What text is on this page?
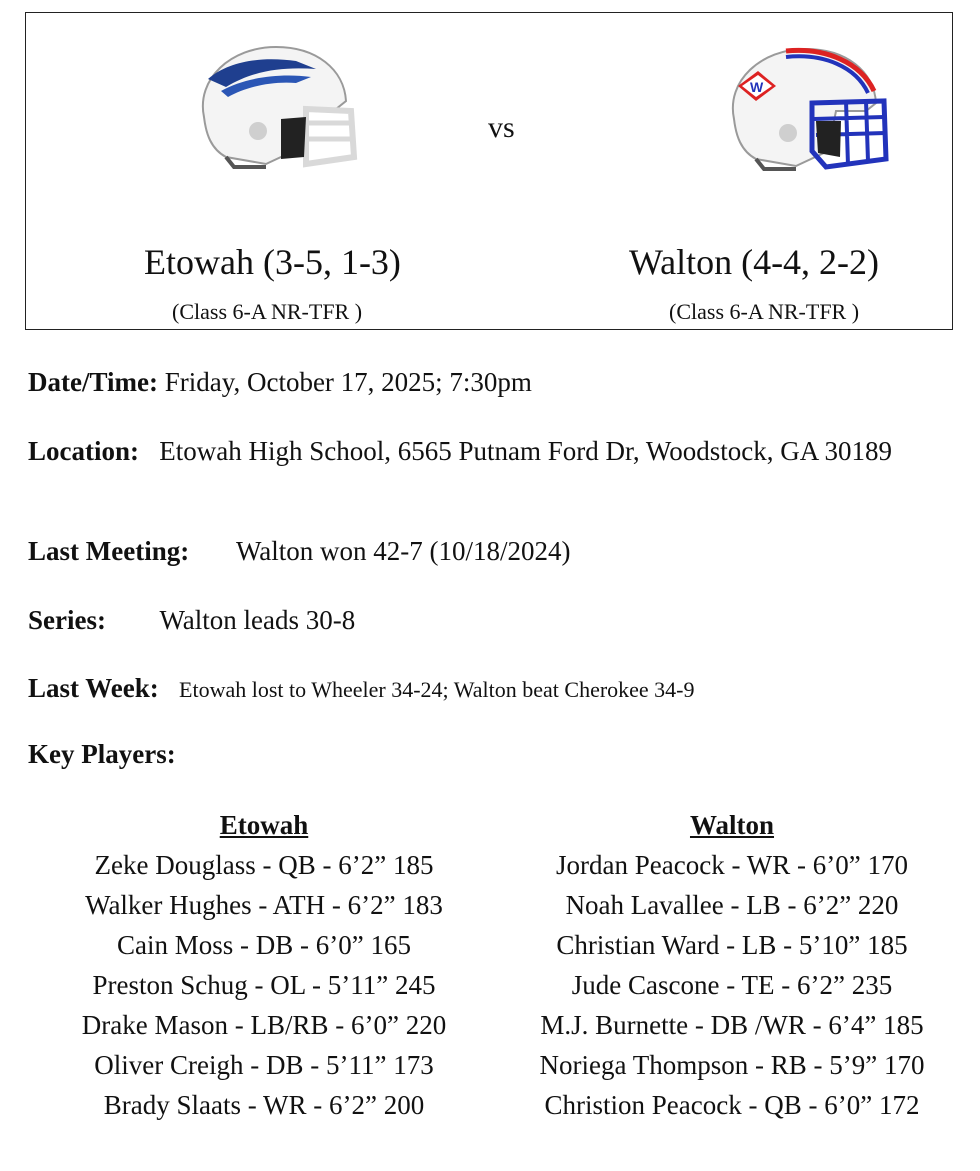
vs
W
Etowah (3-5, 1-3)
(Class 6-A NR-TFR )
Walton (4-4, 2-2)
(Class 6-A NR-TFR )
Date/Time: Friday, October 17, 2025; 7:30pm
Location: Etowah High School, 6565 Putnam Ford Dr, Woodstock, GA 30189
Last Meeting: Walton won 42-7 (10/18/2024)
Series: Walton leads 30-8
Last Week: Etowah lost to Wheeler 34-24; Walton beat Cherokee 34-9
Key Players:
Etowah
Zeke Douglass - QB - 6’2” 185
Walker Hughes - ATH - 6’2” 183
Cain Moss - DB - 6’0” 165
Preston Schug - OL - 5’11” 245
Drake Mason - LB/RB - 6’0” 220
Oliver Creigh - DB - 5’11” 173
Brady Slaats - WR - 6’2” 200
Walton
Jordan Peacock - WR - 6’0” 170
Noah Lavallee - LB - 6’2” 220
Christian Ward - LB - 5’10” 185
Jude Cascone - TE - 6’2” 235
M.J. Burnette - DB /WR - 6’4” 185
Noriega Thompson - RB - 5’9” 170
Christion Peacock - QB - 6’0” 172
